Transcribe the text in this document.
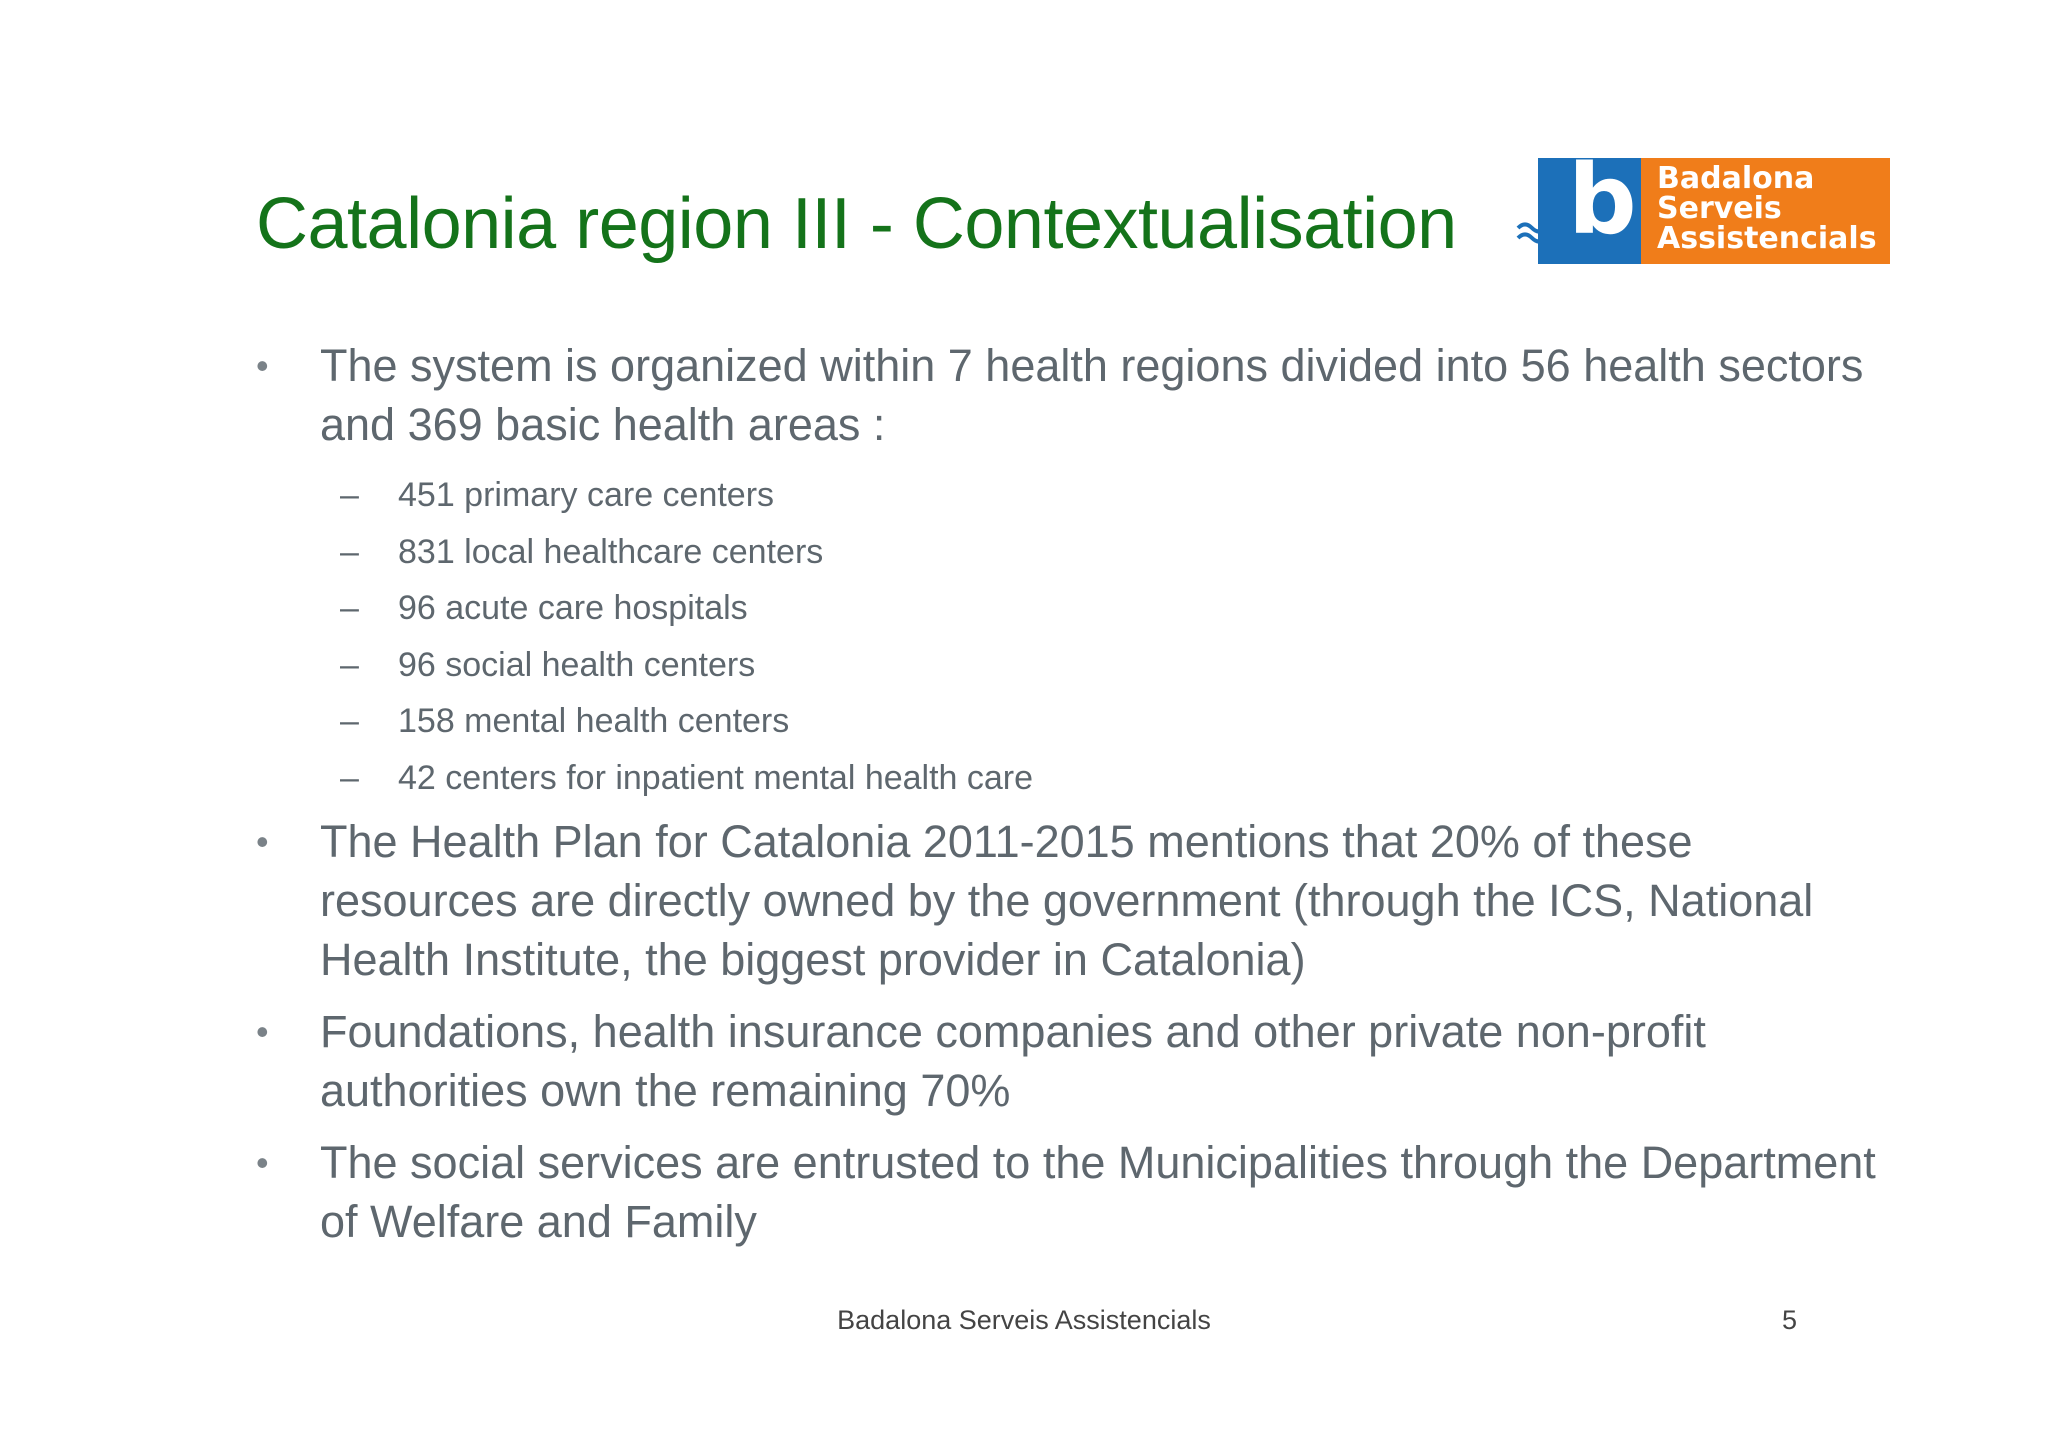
Catalonia region III - Contextualisation b Badalona
Serveis
Assistencials
• The system is organized within 7 health regions divided into 56 health sectors and 369 basic health areas :
– 451 primary care centers
– 831 local healthcare centers
– 96 acute care hospitals
– 96 social health centers
– 158 mental health centers
– 42 centers for inpatient mental health care
• The Health Plan for Catalonia 2011-2015 mentions that 20% of these resources are directly owned by the government (through the ICS, National Health Institute, the biggest provider in Catalonia)
• Foundations, health insurance companies and other private non-profit authorities own the remaining 70%
• The social services are entrusted to the Municipalities through the Department of Welfare and Family
Badalona Serveis Assistencials	5
